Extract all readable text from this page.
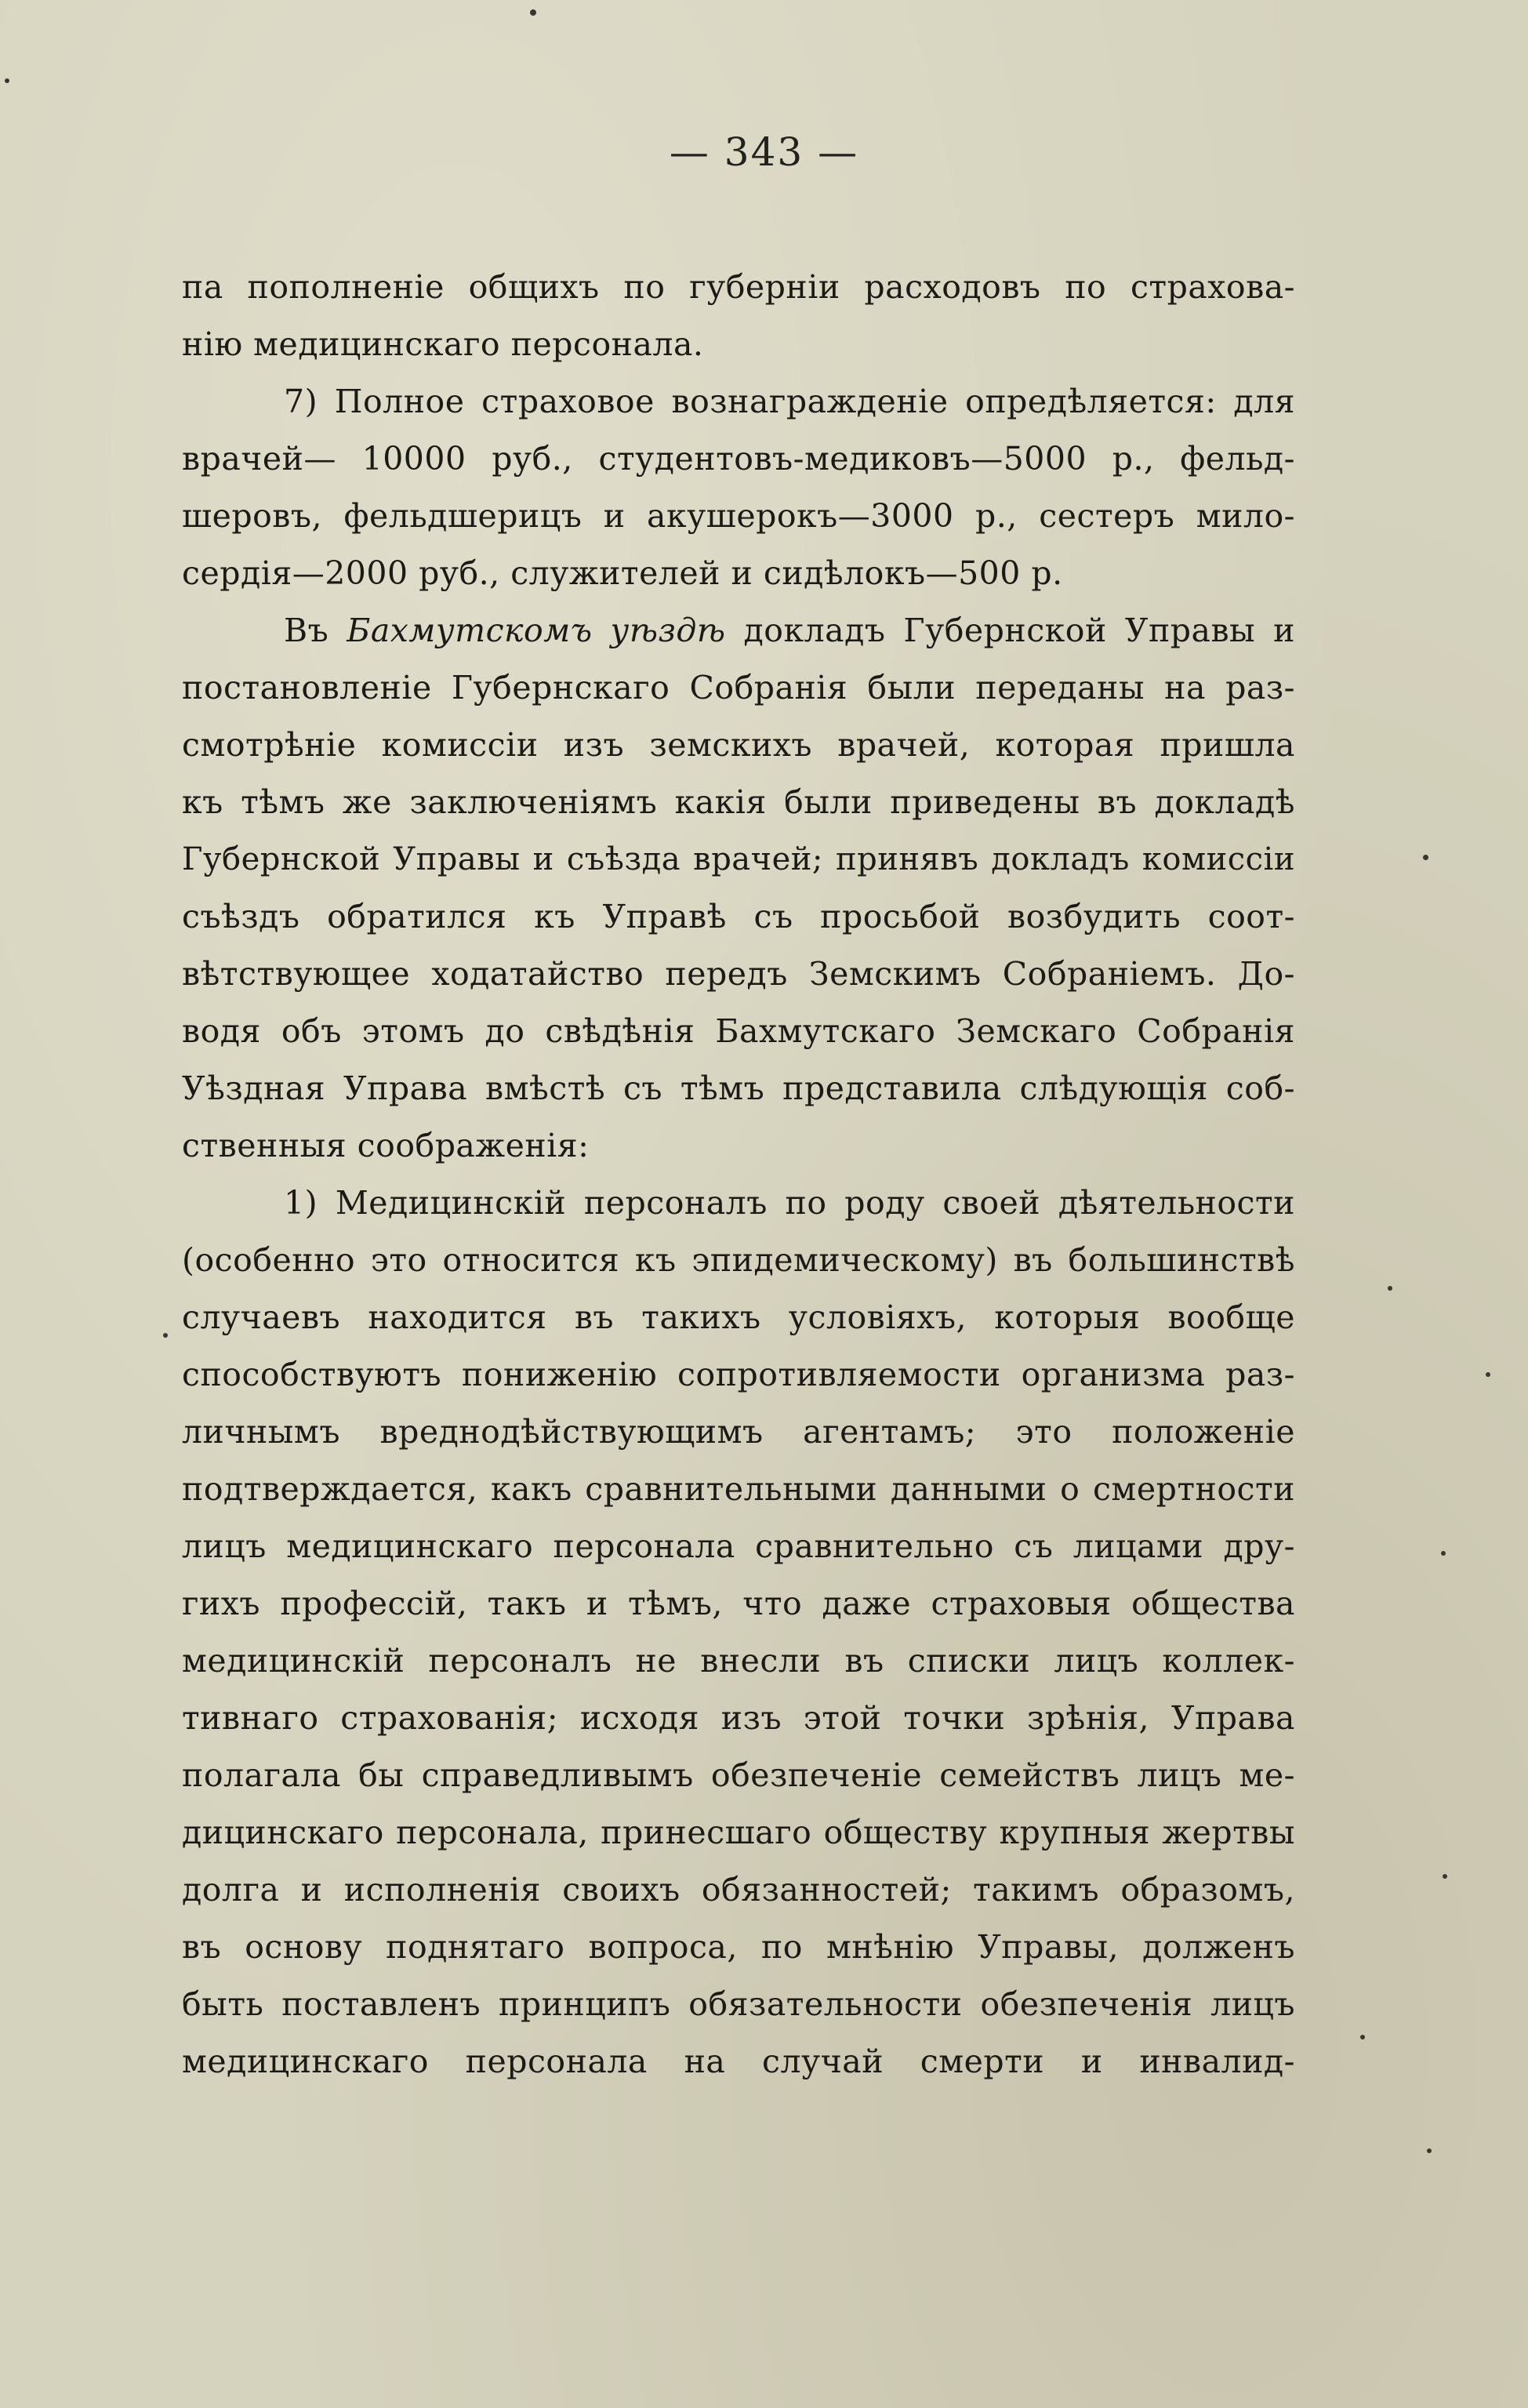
— 343 —
па пополненіе общихъ по губерніи расходовъ по страхова-
нію медицинскаго персонала.
7) Полное страховое вознагражденіе опредѣляется: для
врачей— 10000 руб., студентовъ-медиковъ—5000 р., фельд-
шеровъ, фельдшерицъ и акушерокъ—3000 р., сестеръ мило-
сердія—2000 руб., служителей и сидѣлокъ—500 р.
Въ Бахмутскомъ уѣздѣ докладъ Губернской Управы и
постановленіе Губернскаго Собранія были переданы на раз-
смотрѣніе комиссіи изъ земскихъ врачей, которая пришла
къ тѣмъ же заключеніямъ какія были приведены въ докладѣ
Губернской Управы и съѣзда врачей; принявъ докладъ комиссіи
съѣздъ обратился къ Управѣ съ просьбой возбудить соот-
вѣтствующее ходатайство передъ Земскимъ Собраніемъ. До-
водя объ этомъ до свѣдѣнія Бахмутскаго Земскаго Собранія
Уѣздная Управа вмѣстѣ съ тѣмъ представила слѣдующія соб-
ственныя соображенія:
1) Медицинскій персоналъ по роду своей дѣятельности
(особенно это относится къ эпидемическому) въ большинствѣ
случаевъ находится въ такихъ условіяхъ, которыя вообще
способствуютъ пониженію сопротивляемости организма раз-
личнымъ вреднодѣйствующимъ агентамъ; это положеніе
подтверждается, какъ сравнительными данными о смертности
лицъ медицинскаго персонала сравнительно съ лицами дру-
гихъ профессій, такъ и тѣмъ, что даже страховыя общества
медицинскій персоналъ не внесли въ списки лицъ коллек-
тивнаго страхованія; исходя изъ этой точки зрѣнія, Управа
полагала бы справедливымъ обезпеченіе семействъ лицъ ме-
дицинскаго персонала, принесшаго обществу крупныя жертвы
долга и исполненія своихъ обязанностей; такимъ образомъ,
въ основу поднятаго вопроса, по мнѣнію Управы, долженъ
быть поставленъ принципъ обязательности обезпеченія лицъ
медицинскаго персонала на случай смерти и инвалид-
